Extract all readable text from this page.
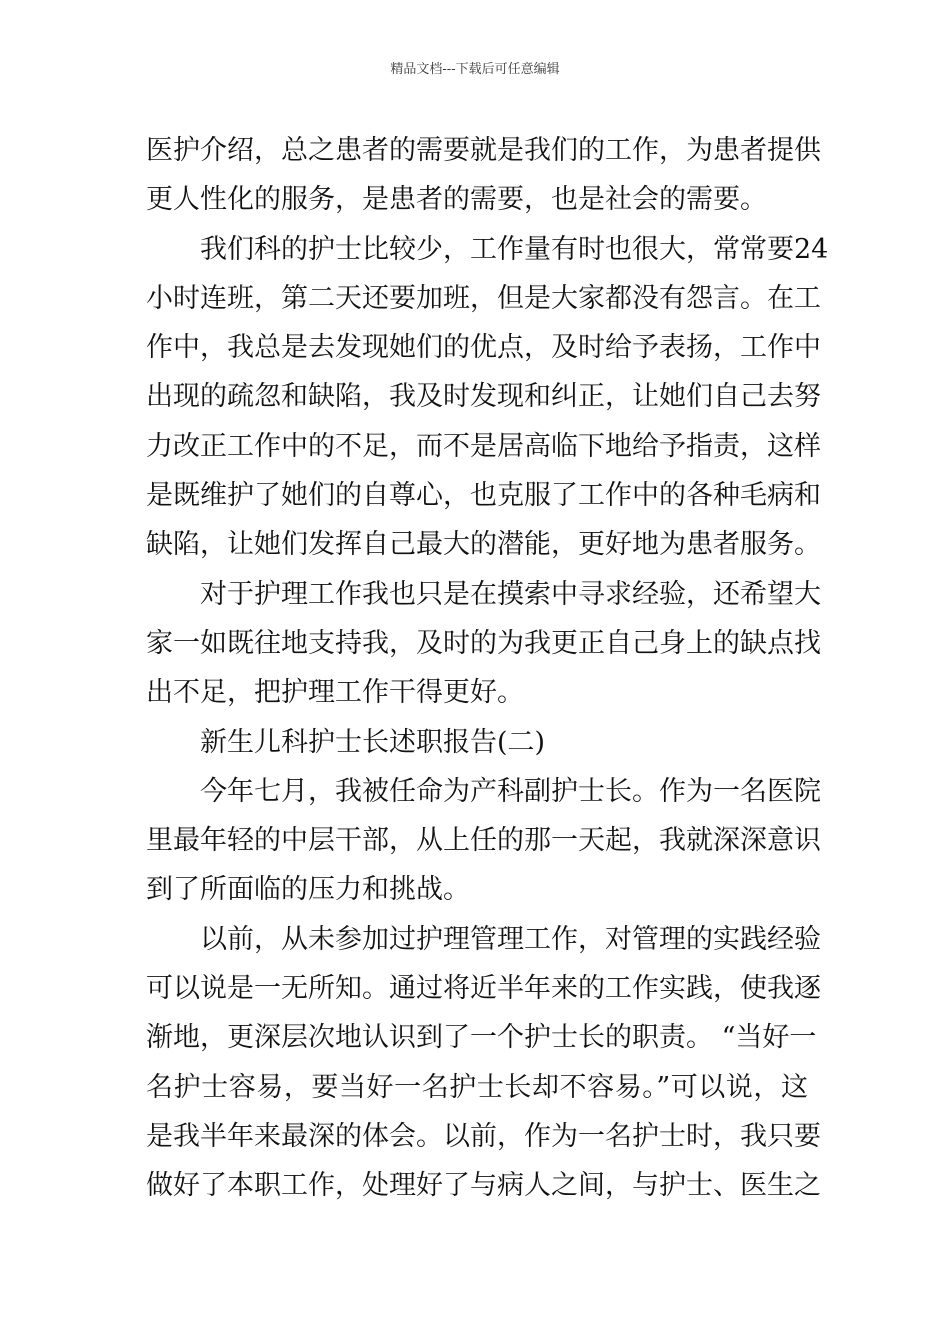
精品文档---下载后可任意编辑
医护介绍，总之患者的需要就是我们的工作，为患者提供
更人性化的服务，是患者的需要，也是社会的需要。
我们科的护士比较少，工作量有时也很大，常常要24
小时连班，第二天还要加班，但是大家都没有怨言。在工
作中，我总是去发现她们的优点，及时给予表扬，工作中
出现的疏忽和缺陷，我及时发现和纠正，让她们自己去努
力改正工作中的不足，而不是居高临下地给予指责，这样
是既维护了她们的自尊心，也克服了工作中的各种毛病和
缺陷，让她们发挥自己最大的潜能，更好地为患者服务。
对于护理工作我也只是在摸索中寻求经验，还希望大
家一如既往地支持我，及时的为我更正自己身上的缺点找
出不足，把护理工作干得更好。
新生儿科护士长述职报告(二)
今年七月，我被任命为产科副护士长。作为一名医院
里最年轻的中层干部，从上任的那一天起，我就深深意识
到了所面临的压力和挑战。
以前，从未参加过护理管理工作，对管理的实践经验
可以说是一无所知。通过将近半年来的工作实践，使我逐
渐地，更深层次地认识到了一个护士长的职责。 “当好一
名护士容易，要当好一名护士长却不容易。”可以说，这
是我半年来最深的体会。以前，作为一名护士时，我只要
做好了本职工作，处理好了与病人之间，与护士、医生之
